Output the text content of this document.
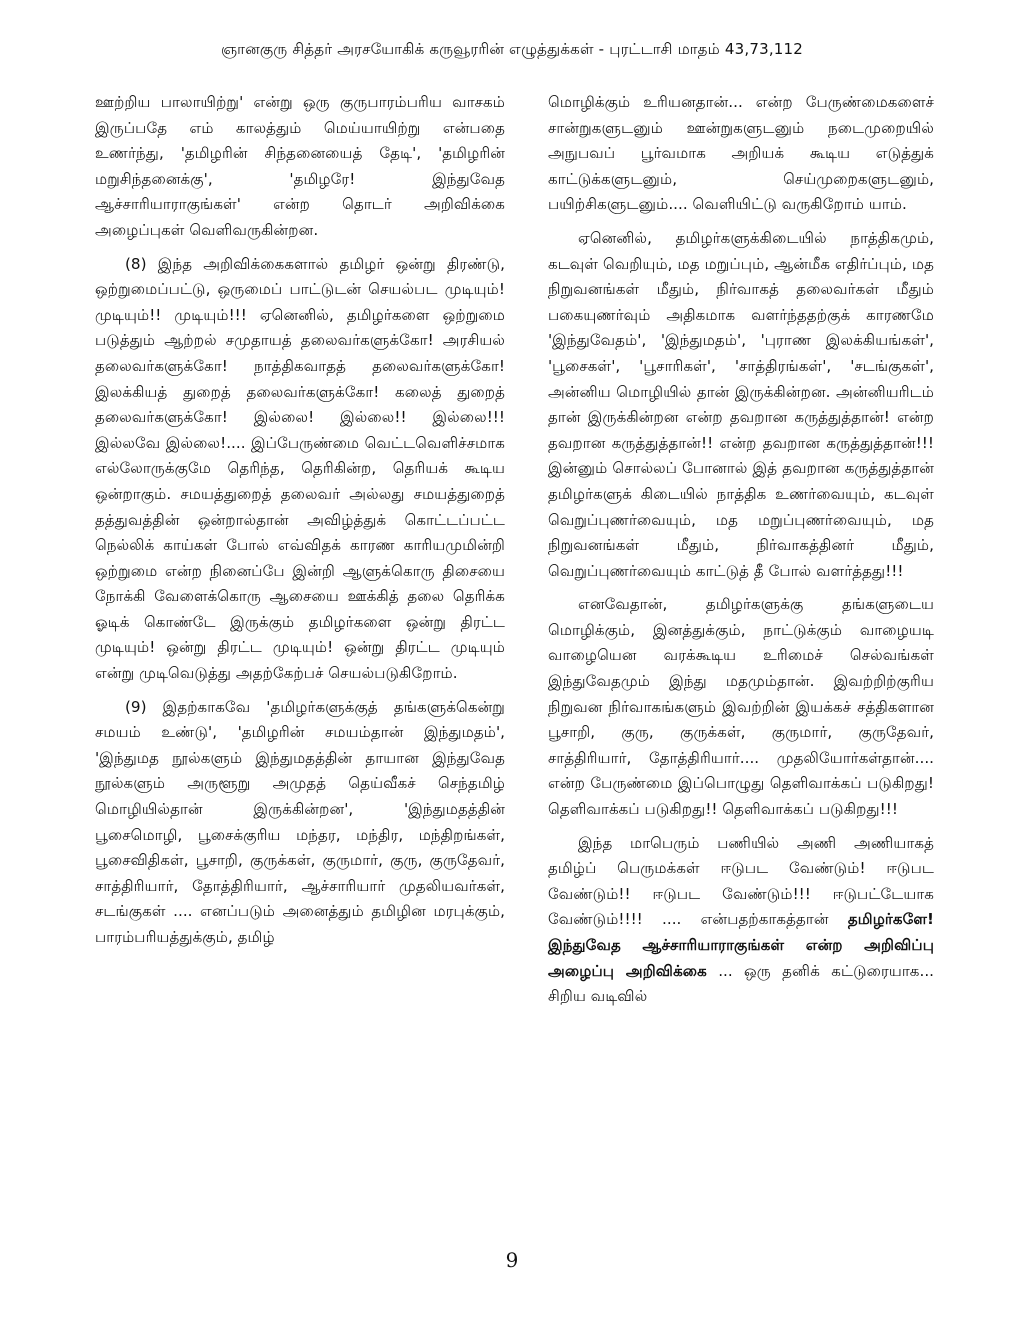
ஞானகுரு சித்தர் அரசயோகிக் கருவூரரின் எழுத்துக்கள் - புரட்டாசி மாதம் 43,73,112

ஊற்றிய பாலாயிற்று' என்று ஒரு குருபாரம்பரிய வாசகம் இருப்பதே எம் காலத்தும் மெய்யாயிற்று என்பதை உணர்ந்து, 'தமிழரின் சிந்தனையைத் தேடி', 'தமிழரின் மறுசிந்தனைக்கு', 'தமிழரே! இந்துவேத ஆச்சாரியாராகுங்கள்' என்ற தொடர் அறிவிக்கை அழைப்புகள் வெளிவருகின்றன.

(8) இந்த அறிவிக்கைகளால் தமிழர் ஒன்று திரண்டு, ஒற்றுமைப்பட்டு, ஒருமைப் பாட்டுடன் செயல்பட முடியும்! முடியும்!! முடியும்!!! ஏனெனில், தமிழர்களை ஒற்றுமை படுத்தும் ஆற்றல் சமுதாயத் தலைவர்களுக்கோ! அரசியல் தலைவர்களுக்கோ! நாத்திகவாதத் தலைவர்களுக்கோ! இலக்கியத் துறைத் தலைவர்களுக்கோ! கலைத் துறைத் தலைவர்களுக்கோ! இல்லை! இல்லை!! இல்லை!!! இல்லவே இல்லை!.... இப்பேருண்மை வெட்டவெளிச்சமாக எல்லோருக்குமே தெரிந்த, தெரிகின்ற, தெரியக் கூடிய ஒன்றாகும். சமயத்துறைத் தலைவர் அல்லது சமயத்துறைத் தத்துவத்தின் ஒன்றால்தான் அவிழ்த்துக் கொட்டப்பட்ட நெல்லிக் காய்கள் போல் எவ்விதக் காரண காரியமுமின்றி ஒற்றுமை என்ற நினைப்பே இன்றி ஆளுக்கொரு திசையை நோக்கி வேளைக்கொரு ஆசையை ஊக்கித் தலை தெரிக்க ஓடிக் கொண்டே இருக்கும் தமிழர்களை ஒன்று திரட்ட முடியும்! ஒன்று திரட்ட முடியும்! ஒன்று திரட்ட முடியும் என்று முடிவெடுத்து அதற்கேற்பச் செயல்படுகிறோம்.

(9) இதற்காகவே 'தமிழர்களுக்குத் தங்களுக்கென்று சமயம் உண்டு', 'தமிழரின் சமயம்தான் இந்துமதம்', 'இந்துமத நூல்களும் இந்துமதத்தின் தாயான இந்துவேத நூல்களும் அருளூறு அமுதத் தெய்வீகச் செந்தமிழ் மொழியில்தான் இருக்கின்றன', 'இந்துமதத்தின் பூசைமொழி, பூசைக்குரிய மந்தர, மந்திர, மந்திறங்கள், பூசைவிதிகள், பூசாறி, குருக்கள், குருமார், குரு, குருதேவர், சாத்திரியார், தோத்திரியார், ஆச்சாரியார் முதலியவர்கள், சடங்குகள் .... எனப்படும் அனைத்தும் தமிழின மரபுக்கும், பாரம்பரியத்துக்கும், தமிழ்

மொழிக்கும் உரியனதான்... என்ற பேருண்மைகளைச் சான்றுகளுடனும் ஊன்றுகளுடனும் நடைமுறையில் அநுபவப் பூர்வமாக அறியக் கூடிய எடுத்துக் காட்டுக்களுடனும், செய்முறைகளுடனும், பயிற்சிகளுடனும்.... வெளியிட்டு வருகிறோம் யாம்.

ஏனெனில், தமிழர்களுக்கிடையில் நாத்திகமும், கடவுள் வெறியும், மத மறுப்பும், ஆன்மீக எதிர்ப்பும், மத நிறுவனங்கள் மீதும், நிர்வாகத் தலைவர்கள் மீதும் பகையுணர்வும் அதிகமாக வளர்ந்ததற்குக் காரணமே 'இந்துவேதம்', 'இந்துமதம்', 'புராண இலக்கியங்கள்', 'பூசைகள்', 'பூசாரிகள்', 'சாத்திரங்கள்', 'சடங்குகள்', அன்னிய மொழியில் தான் இருக்கின்றன. அன்னியரிடம் தான் இருக்கின்றன என்ற தவறான கருத்துத்தான்! என்ற தவறான கருத்துத்தான்!! என்ற தவறான கருத்துத்தான்!!! இன்னும் சொல்லப் போனால் இத் தவறான கருத்துத்தான் தமிழர்களுக் கிடையில் நாத்திக உணர்வையும், கடவுள் வெறுப்புணர்வையும், மத மறுப்புணர்வையும், மத நிறுவனங்கள் மீதும், நிர்வாகத்தினர் மீதும், வெறுப்புணர்வையும் காட்டுத் தீ போல் வளர்த்தது!!!

எனவேதான், தமிழர்களுக்கு தங்களுடைய மொழிக்கும், இனத்துக்கும், நாட்டுக்கும் வாழையடி வாழையென வரக்கூடிய உரிமைச் செல்வங்கள் இந்துவேதமும் இந்து மதமும்தான். இவற்றிற்குரிய நிறுவன நிர்வாகங்களும் இவற்றின் இயக்கச் சத்திகளான பூசாறி, குரு, குருக்கள், குருமார், குருதேவர், சாத்திரியார், தோத்திரியார்.... முதலியோர்கள்தான்.... என்ற பேருண்மை இப்பொழுது தெளிவாக்கப் படுகிறது! தெளிவாக்கப் படுகிறது!! தெளிவாக்கப் படுகிறது!!!

இந்த மாபெரும் பணியில் அணி அணியாகத் தமிழ்ப் பெருமக்கள் ஈடுபட வேண்டும்! ஈடுபட வேண்டும்!! ஈடுபட வேண்டும்!!! ஈடுபட்டேயாக வேண்டும்!!!! .... என்பதற்காகத்தான் தமிழர்களே! இந்துவேத ஆச்சாரியாராகுங்கள் என்ற அறிவிப்பு அழைப்பு அறிவிக்கை ... ஒரு தனிக் கட்டுரையாக... சிறிய வடிவில்

9
